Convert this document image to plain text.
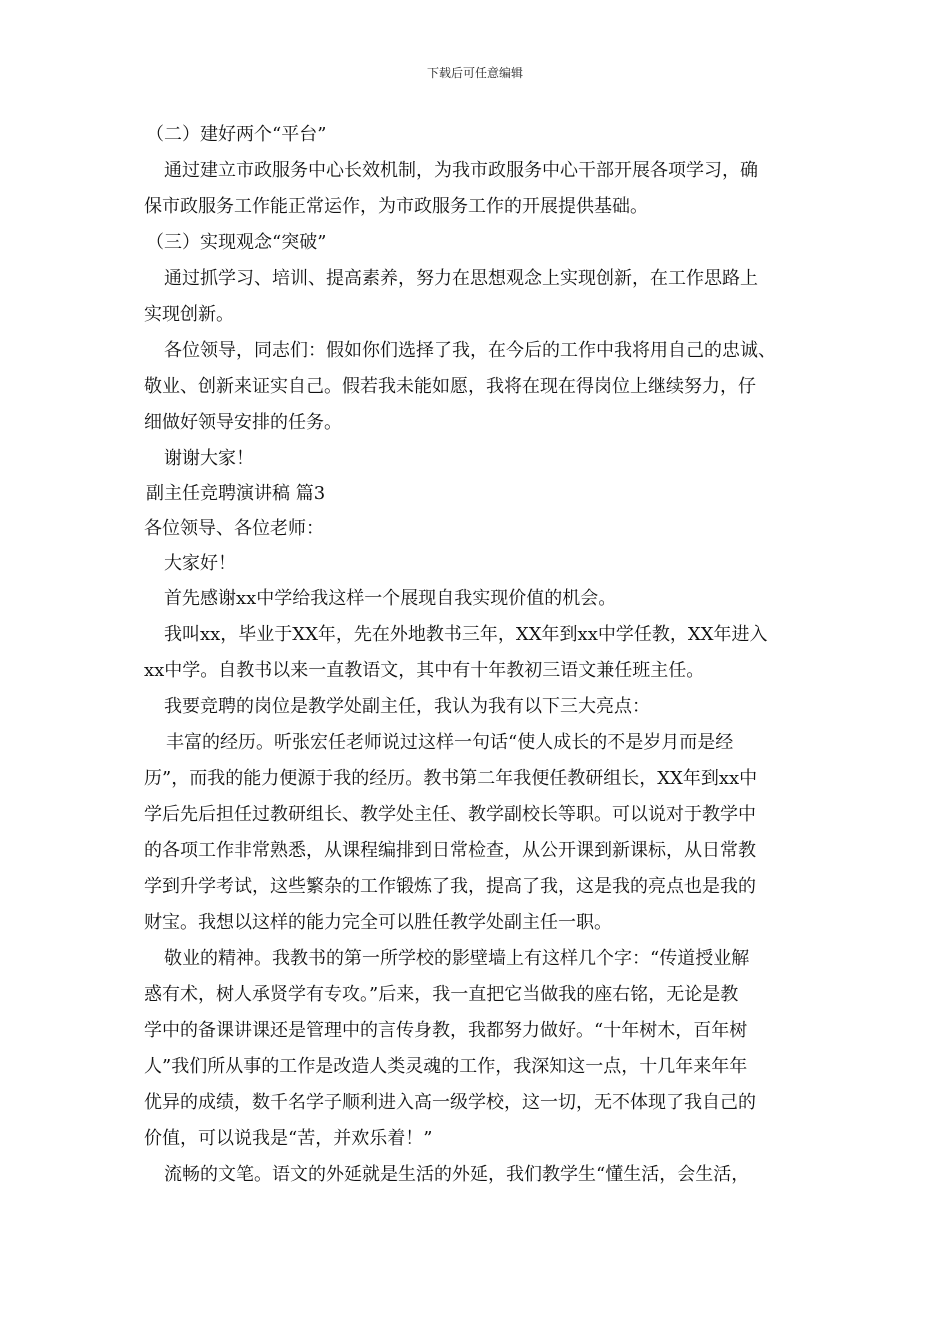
下载后可任意编辑
（二）建好两个“平台”
通过建立市政服务中心长效机制，为我市政服务中心干部开展各项学习，确
保市政服务工作能正常运作，为市政服务工作的开展提供基础。
（三）实现观念“突破”
通过抓学习、培训、提高素养，努力在思想观念上实现创新，在工作思路上
实现创新。
各位领导，同志们：假如你们选择了我，在今后的工作中我将用自己的忠诚、
敬业、创新来证实自己。假若我未能如愿，我将在现在得岗位上继续努力，仔
细做好领导安排的任务。
谢谢大家！
副主任竞聘演讲稿 篇3
各位领导、各位老师：
大家好！
首先感谢xx中学给我这样一个展现自我实现价值的机会。
我叫xx，毕业于XX年，先在外地教书三年，XX年到xx中学任教，XX年进入
xx中学。自教书以来一直教语文，其中有十年教初三语文兼任班主任。
我要竞聘的岗位是教学处副主任，我认为我有以下三大亮点：
丰富的经历。听张宏任老师说过这样一句话“使人成长的不是岁月而是经
历”，而我的能力便源于我的经历。教书第二年我便任教研组长，XX年到xx中
学后先后担任过教研组长、教学处主任、教学副校长等职。可以说对于教学中
的各项工作非常熟悉，从课程编排到日常检查，从公开课到新课标，从日常教
学到升学考试，这些繁杂的工作锻炼了我，提高了我，这是我的亮点也是我的
财宝。我想以这样的能力完全可以胜任教学处副主任一职。
敬业的精神。我教书的第一所学校的影壁墙上有这样几个字：“传道授业解
惑有术，树人承贤学有专攻。”后来，我一直把它当做我的座右铭，无论是教
学中的备课讲课还是管理中的言传身教，我都努力做好。“十年树木，百年树
人”我们所从事的工作是改造人类灵魂的工作，我深知这一点，十几年来年年
优异的成绩，数千名学子顺利进入高一级学校，这一切，无不体现了我自己的
价值，可以说我是“苦，并欢乐着！”
流畅的文笔。语文的外延就是生活的外延，我们教学生“懂生活，会生活，
